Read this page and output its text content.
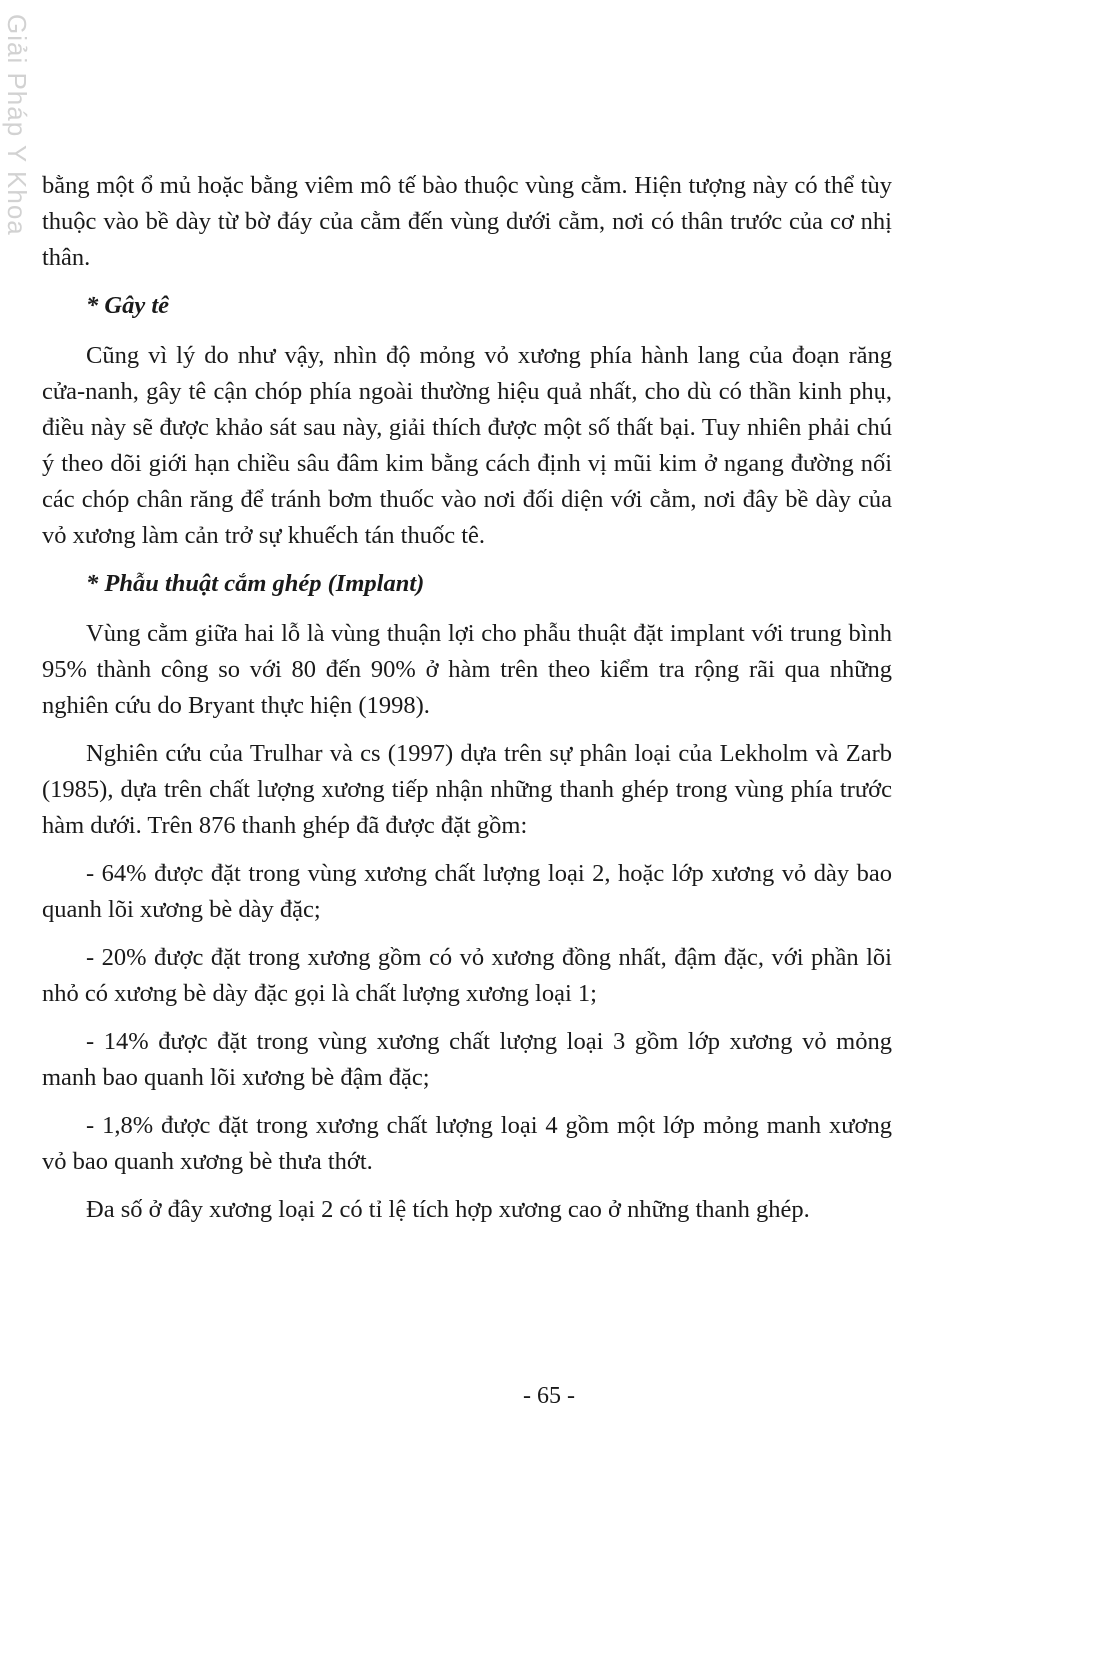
Giải Pháp Y Khoa bằng một ổ mủ hoặc bằng viêm mô tế bào thuộc vùng cằm. Hiện tượng này có thể tùy thuộc vào bề dày từ bờ đáy của cằm đến vùng dưới cằm, nơi có thân trước của cơ nhị thân.

* Gây tê

Cũng vì lý do như vậy, nhìn độ mỏng vỏ xương phía hành lang của đoạn răng cửa-nanh, gây tê cận chóp phía ngoài thường hiệu quả nhất, cho dù có thần kinh phụ, điều này sẽ được khảo sát sau này, giải thích được một số thất bại. Tuy nhiên phải chú ý theo dõi giới hạn chiều sâu đâm kim bằng cách định vị mũi kim ở ngang đường nối các chóp chân răng để tránh bơm thuốc vào nơi đối diện với cằm, nơi đây bề dày của vỏ xương làm cản trở sự khuếch tán thuốc tê.

* Phẫu thuật cắm ghép (Implant)

Vùng cằm giữa hai lỗ là vùng thuận lợi cho phẫu thuật đặt implant với trung bình 95% thành công so với 80 đến 90% ở hàm trên theo kiểm tra rộng rãi qua những nghiên cứu do Bryant thực hiện (1998).

Nghiên cứu của Trulhar và cs (1997) dựa trên sự phân loại của Lekholm và Zarb (1985), dựa trên chất lượng xương tiếp nhận những thanh ghép trong vùng phía trước hàm dưới. Trên 876 thanh ghép đã được đặt gồm:

- 64% được đặt trong vùng xương chất lượng loại 2, hoặc lớp xương vỏ dày bao quanh lõi xương bè dày đặc;

- 20% được đặt trong xương gồm có vỏ xương đồng nhất, đậm đặc, với phần lõi nhỏ có xương bè dày đặc gọi là chất lượng xương loại 1;

- 14% được đặt trong vùng xương chất lượng loại 3 gồm lớp xương vỏ mỏng manh bao quanh lõi xương bè đậm đặc;

- 1,8% được đặt trong xương chất lượng loại 4 gồm một lớp mỏng manh xương vỏ bao quanh xương bè thưa thớt.

Đa số ở đây xương loại 2 có tỉ lệ tích hợp xương cao ở những thanh ghép.

- 65 -
